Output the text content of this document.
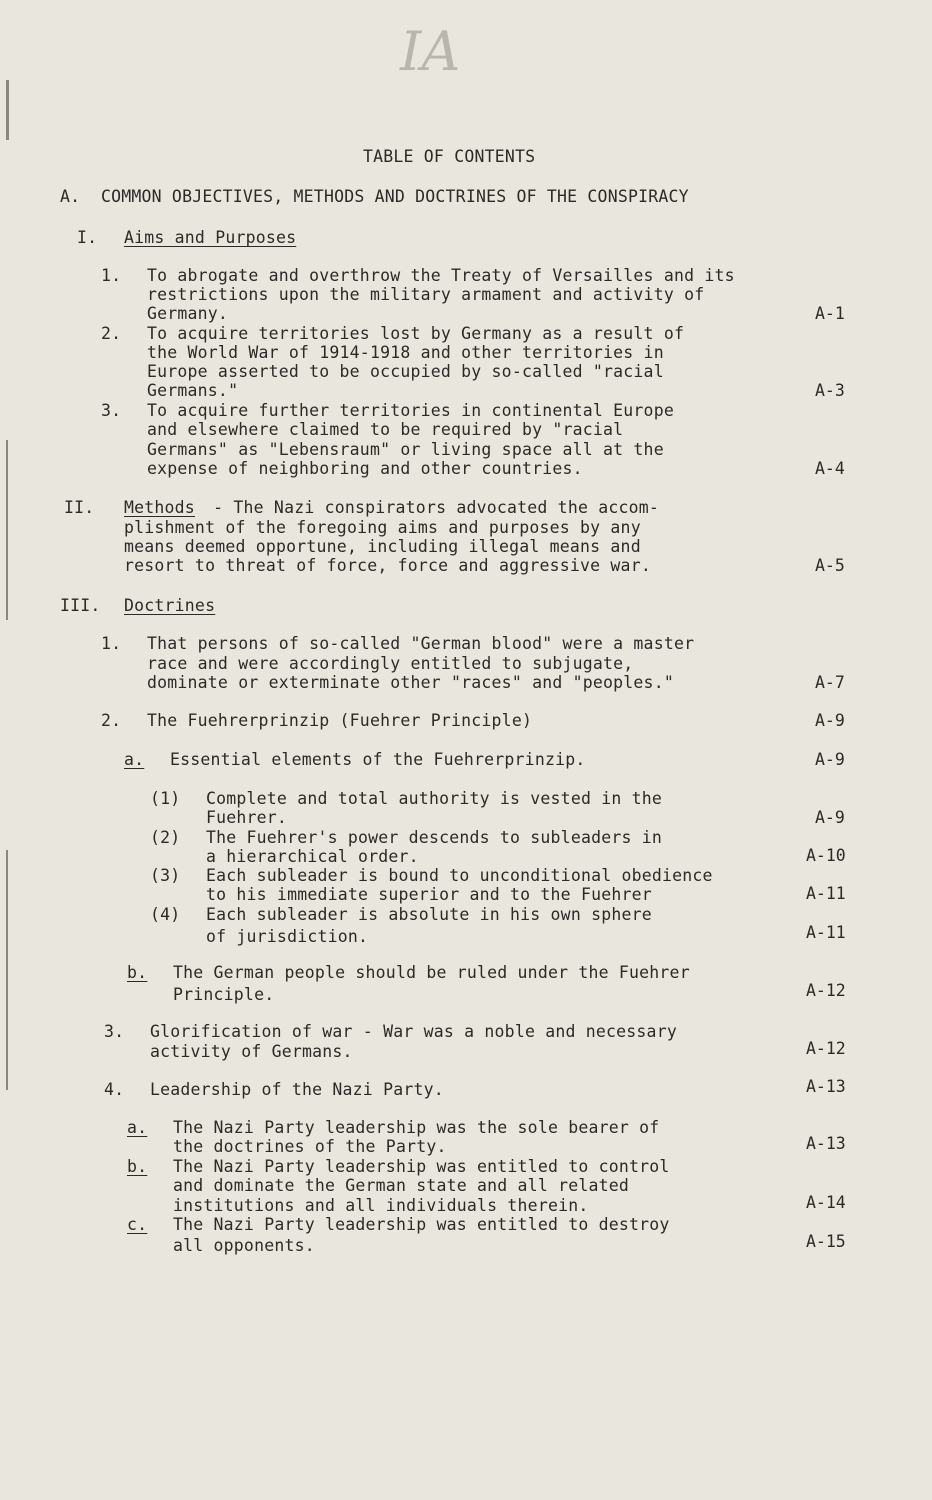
IA
TABLE OF CONTENTS
A. COMMON OBJECTIVES, METHODS AND DOCTRINES OF THE CONSPIRACY
I. Aims and Purposes
1. To abrogate and overthrow the Treaty of Versailles and its
restrictions upon the military armament and activity of
Germany.	A-1
2. To acquire territories lost by Germany as a result of
the World War of 1914-1918 and other territories in
Europe asserted to be occupied by so-called "racial
Germans."	A-3
3. To acquire further territories in continental Europe
and elsewhere claimed to be required by "racial
Germans" as "Lebensraum" or living space all at the
expense of neighboring and other countries.	A-4
II. Methods - The Nazi conspirators advocated the accom-
plishment of the foregoing aims and purposes by any
means deemed opportune, including illegal means and
resort to threat of force, force and aggressive war.	A-5
III. Doctrines
1. That persons of so-called "German blood" were a master
race and were accordingly entitled to subjugate,
dominate or exterminate other "races" and "peoples."	A-7
2. The Fuehrerprinzip (Fuehrer Principle)	A-9
a. Essential elements of the Fuehrerprinzip.	A-9
(1) Complete and total authority is vested in the
Fuehrer.	A-9
(2) The Fuehrer's power descends to subleaders in
a hierarchical order.	A-10
(3) Each subleader is bound to unconditional obedience
to his immediate superior and to the Fuehrer	A-11
(4) Each subleader is absolute in his own sphere
of jurisdiction.	A-11
b. The German people should be ruled under the Fuehrer
Principle.	A-12
3. Glorification of war - War was a noble and necessary
activity of Germans.	A-12
4. Leadership of the Nazi Party.	A-13
a. The Nazi Party leadership was the sole bearer of
the doctrines of the Party.	A-13
b. The Nazi Party leadership was entitled to control
and dominate the German state and all related
institutions and all individuals therein.	A-14
c. The Nazi Party leadership was entitled to destroy
all opponents.	A-15
